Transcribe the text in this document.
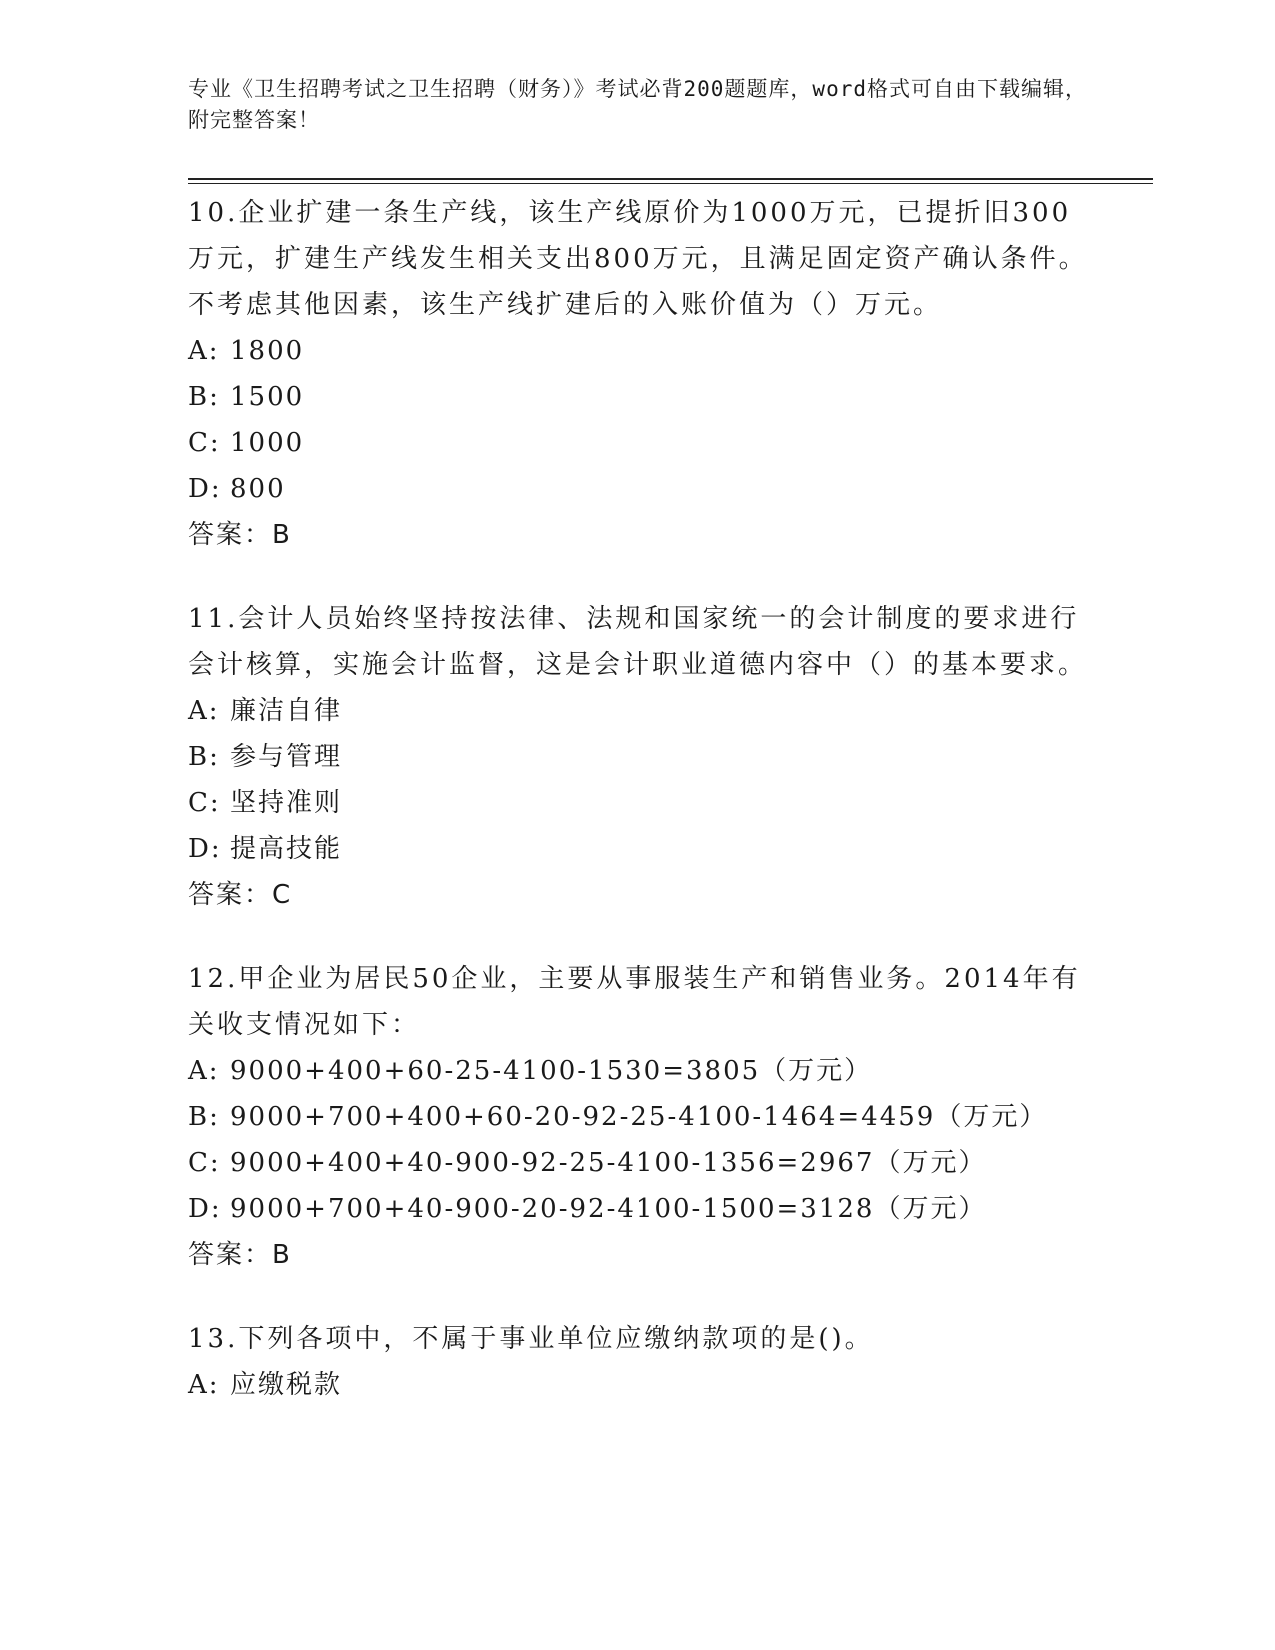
专业《卫生招聘考试之卫生招聘（财务）》考试必背200题题库，word格式可自由下载编辑，附完整答案！

10.企业扩建一条生产线，该生产线原价为1000万元，已提折旧300万元，扩建生产线发生相关支出800万元，且满足固定资产确认条件。不考虑其他因素，该生产线扩建后的入账价值为（）万元。

A: 1800
B: 1500
C: 1000
D: 800
答案：B

11.会计人员始终坚持按法律、法规和国家统一的会计制度的要求进行会计核算，实施会计监督，这是会计职业道德内容中（）的基本要求。

A: 廉洁自律
B: 参与管理
C: 坚持准则
D: 提高技能
答案：C

12.甲企业为居民50企业，主要从事服装生产和销售业务。2014年有关收支情况如下：

A: 9000+400+60-25-4100-1530=3805（万元）
B: 9000+700+400+60-20-92-25-4100-1464=4459（万元）
C: 9000+400+40-900-92-25-4100-1356=2967（万元）
D: 9000+700+40-900-20-92-4100-1500=3128（万元）
答案：B

13.下列各项中，不属于事业单位应缴纳款项的是()。

A: 应缴税款
